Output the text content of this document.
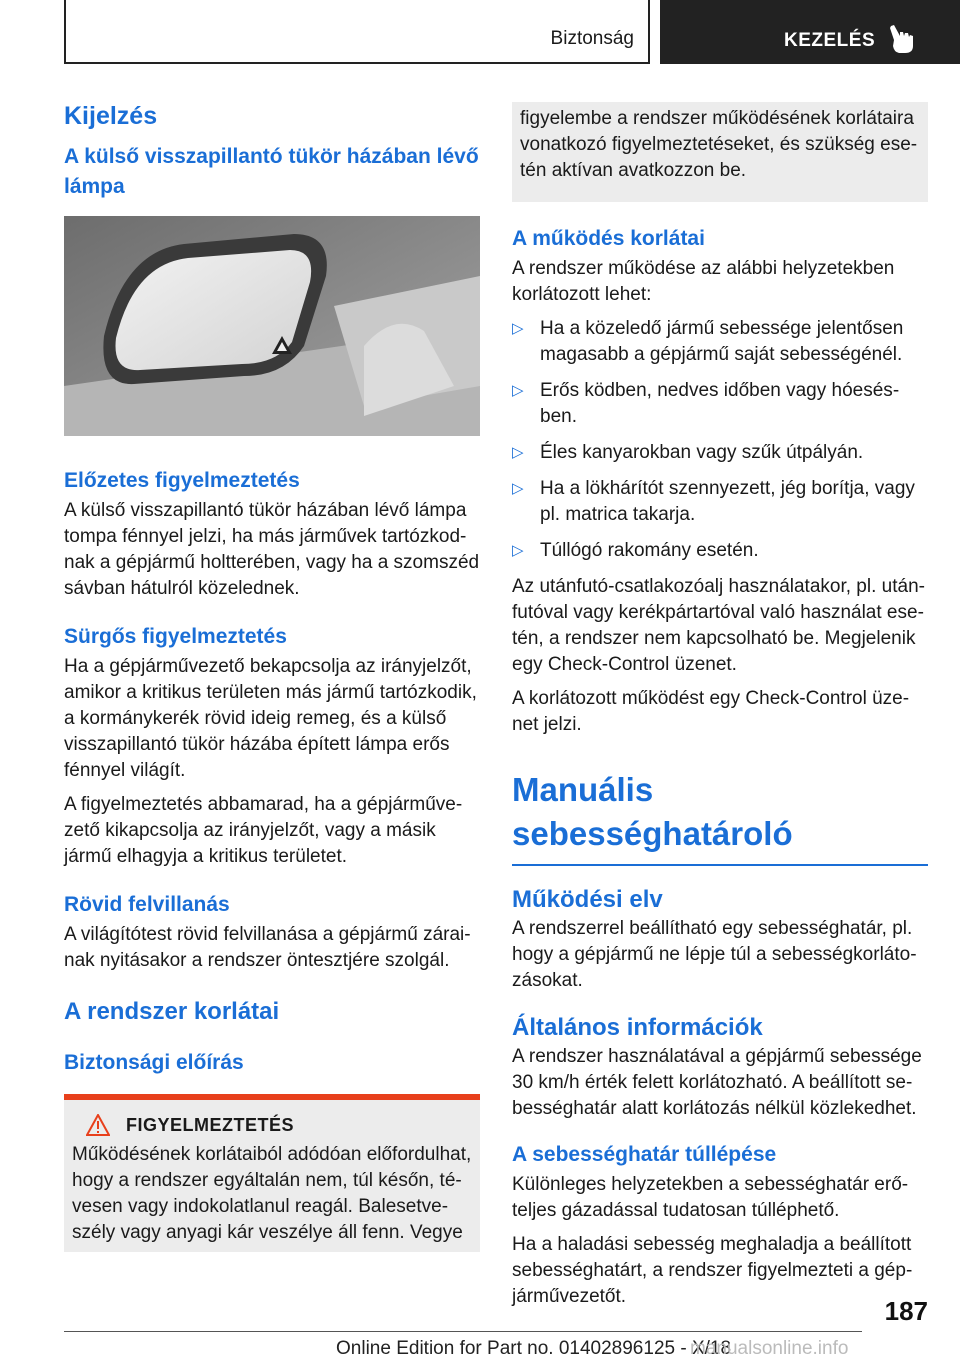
Biztonság	KEZELÉS
Kijelzés
A külső visszapillantó tükör házában lévő lámpa
Előzetes figyelmeztetés

A külső visszapillantó tükör házában lévő lámpa tompa fénnyel jelzi, ha más járművek tartózkodnak a gépjármű holtterében, vagy ha a szomszéd sávban hátulról közelednek.

Sürgős figyelmeztetés

Ha a gépjárművezető bekapcsolja az irányjelzőt, amikor a kritikus területen más jármű tartózkodik, a kormánykerék rövid ideig remeg, és a külső visszapillantó tükör házába épített lámpa erős fénnyel világít.

A figyelmeztetés abbamarad, ha a gépjárművezető kikapcsolja az irányjelzőt, vagy a másik jármű elhagyja a kritikus területet.

Rövid felvillanás

A világítótest rövid felvillanása a gépjármű zárainak nyitásakor a rendszer öntesztjére szolgál.

A rendszer korlátai
Biztonsági előírás
FIGYELMEZTETÉS

Működésének korlátaiból adódóan előfordulhat, hogy a rendszer egyáltalán nem, túl későn, tévesen vagy indokolatlanul reagál. Balesetveszély vagy anyagi kár veszélye áll fenn. Vegye

figyelembe a rendszer működésének korlátaira vonatkozó figyelmeztetéseket, és szükség esetén aktívan avatkozzon be.

A működés korlátai

A rendszer működése az alábbi helyzetekben korlátozott lehet:

▷ Ha a közeledő jármű sebessége jelentősen magasabb a gépjármű saját sebességénél.
▷ Erős ködben, nedves időben vagy hóesésben.
▷ Éles kanyarokban vagy szűk útpályán.
▷ Ha a lökhárítót szennyezett, jég borítja, vagy pl. matrica takarja.
▷ Túllógó rakomány esetén.

Az utánfutó-csatlakozóalj használatakor, pl. utánfutóval vagy kerékpártartóval való használat esetén, a rendszer nem kapcsolható be. Megjelenik egy Check-Control üzenet.

A korlátozott működést egy Check-Control üzenet jelzi.

Manuális sebességhatároló
Működési elv

A rendszerrel beállítható egy sebességhatár, pl. hogy a gépjármű ne lépje túl a sebességkorlátozásokat.

Általános információk

A rendszer használatával a gépjármű sebessége 30 km/h érték felett korlátozható. A beállított sebességhatár alatt korlátozás nélkül közlekedhet.

A sebességhatár túllépése

Különleges helyzetekben a sebességhatár erőteljes gázadással tudatosan túlléphető.

Ha a haladási sebesség meghaladja a beállított sebességhatárt, a rendszer figyelmezteti a gépjárművezetőt.	187
Online Edition for Part no. 01402896125 - X/18
manualsonline.info
